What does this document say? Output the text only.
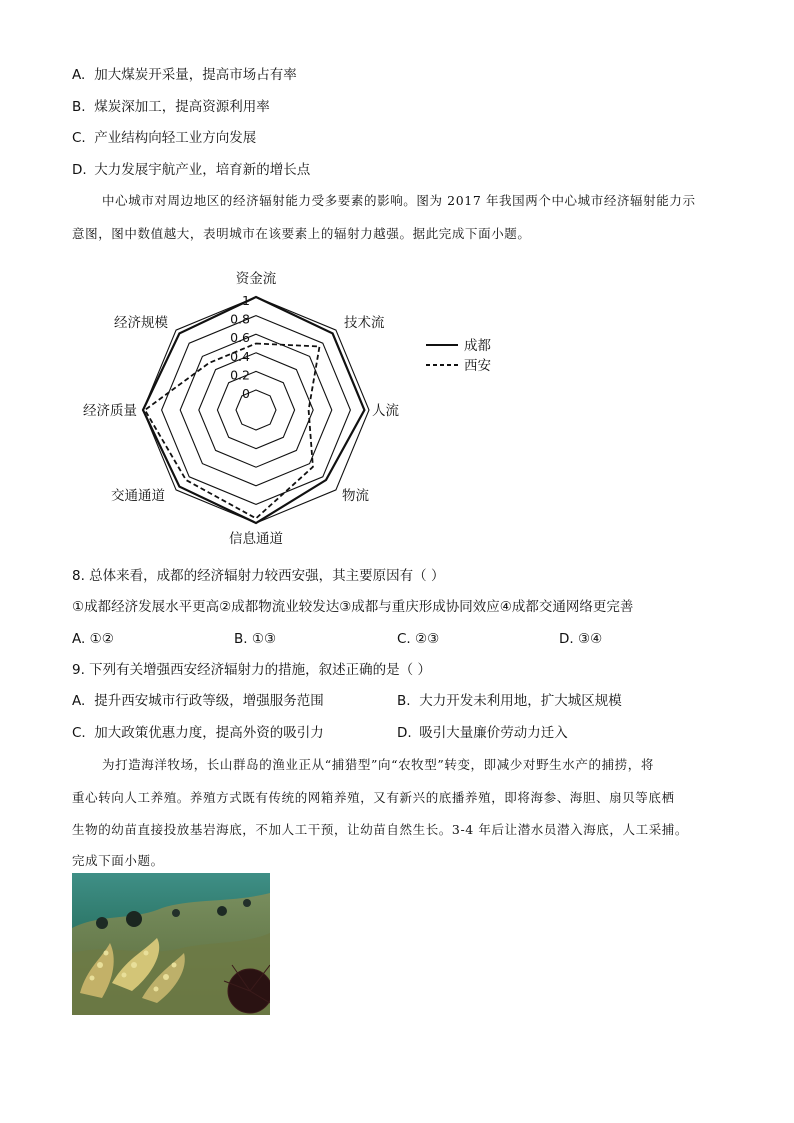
A. 加大煤炭开采量，提高市场占有率
B. 煤炭深加工，提高资源利用率
C. 产业结构向轻工业方向发展
D. 大力发展宇航产业，培育新的增长点
中心城市对周边地区的经济辐射能力受多要素的影响。图为 2017 年我国两个中心城市经济辐射能力示
意图，图中数值越大，表明城市在该要素上的辐射力越强。据此完成下面小题。
0
0.2
0.4
0.6
0.8
1
资金流
技术流
人流
物流
信息通道
交通通道
经济质量
经济规模
成都
西安
8. 总体来看，成都的经济辐射力较西安强，其主要原因有（ ）
①成都经济发展水平更高②成都物流业较发达③成都与重庆形成协同效应④成都交通网络更完善
A. ①②	B. ①③	C. ②③	D. ③④
9. 下列有关增强西安经济辐射力的措施，叙述正确的是（ ）
A. 提升西安城市行政等级，增强服务范围	B. 大力开发未利用地，扩大城区规模
C. 加大政策优惠力度，提高外资的吸引力	D. 吸引大量廉价劳动力迁入
为打造海洋牧场，长山群岛的渔业正从“捕猎型”向“农牧型”转变，即减少对野生水产的捕捞，将
重心转向人工养殖。养殖方式既有传统的网箱养殖，又有新兴的底播养殖，即将海参、海胆、扇贝等底栖
生物的幼苗直接投放基岩海底，不加人工干预，让幼苗自然生长。3-4 年后让潜水员潜入海底，人工采捕。
完成下面小题。
